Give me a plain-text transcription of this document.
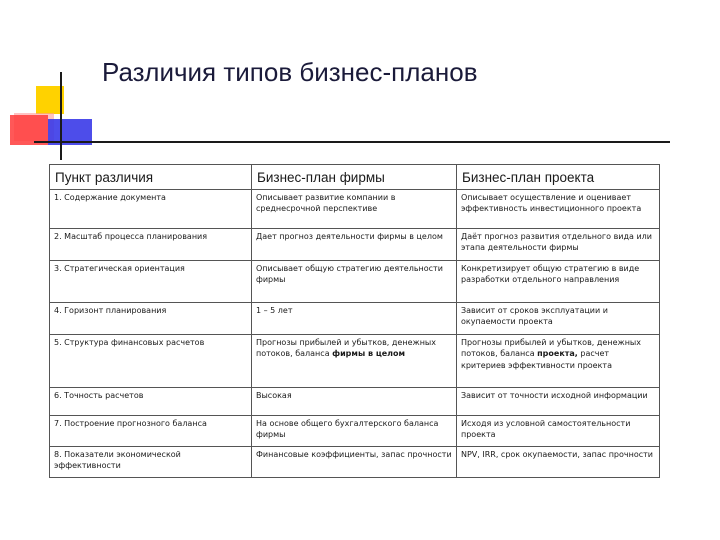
Различия типов бизнес-планов
Пункт различия	Бизнес-план фирмы	Бизнес-план проекта
1. Содержание документа	Описывает развитие компании в среднесрочной перспективе	Описывает осуществление и оценивает эффективность инвестиционного проекта
2. Масштаб процесса планирования	Дает прогноз деятельности фирмы в целом	Даёт прогноз развития отдельного вида или этапа деятельности фирмы
3. Стратегическая ориентация	Описывает общую стратегию деятельности фирмы	Конкретизирует общую стратегию в виде разработки отдельного направления
4. Горизонт планирования	1 – 5 лет	Зависит от сроков эксплуатации и окупаемости проекта
5. Структура финансовых расчетов	Прогнозы прибылей и убытков, денежных потоков, баланса фирмы в целом	Прогнозы прибылей и убытков, денежных потоков, баланса проекта, расчет критериев эффективности проекта
6. Точность расчетов	Высокая	Зависит от точности исходной информации
7. Построение прогнозного баланса	На основе общего бухгалтерского баланса фирмы	Исходя из условной самостоятельности проекта
8. Показатели экономической эффективности	Финансовые коэффициенты, запас прочности	NPV, IRR, срок окупаемости, запас прочности
